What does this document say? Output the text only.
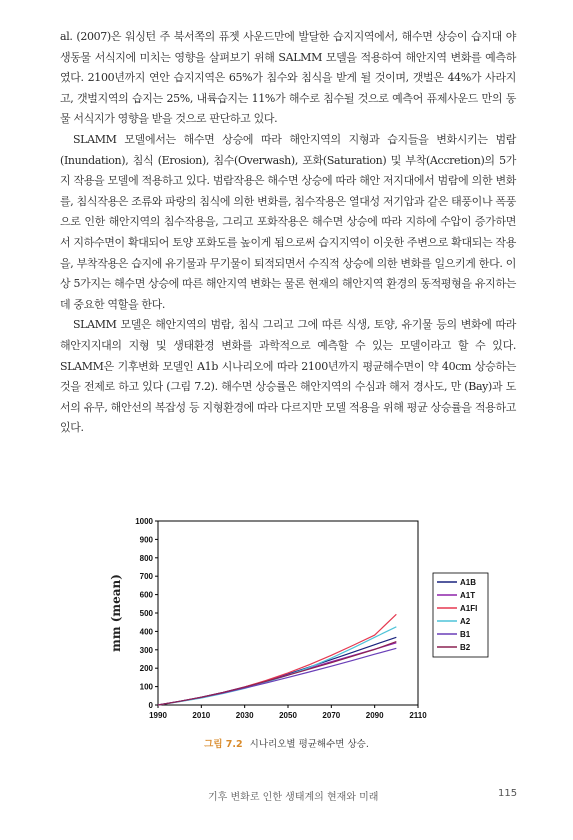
al. (2007)은 워싱턴 주 북서쪽의 퓨젯 사운드만에 발달한 습지지역에서, 해수면 상승이 습지대 야생동물 서식지에 미치는 영향을 살펴보기 위해 SALMM 모델을 적용하여 해안지역 변화를 예측하였다. 2100년까지 연안 습지지역은 65%가 침수와 침식을 받게 될 것이며, 갯벌은 44%가 사라지고, 갯벌지역의 습지는 25%, 내륙습지는 11%가 해수로 침수될 것으로 예측어 퓨제사운드 만의 동물 서식지가 영향을 받을 것으로 판단하고 있다.

SLAMM 모델에서는 해수면 상승에 따라 해안지역의 지형과 습지들을 변화시키는 범람(Inundation), 침식 (Erosion), 침수(Overwash), 포화(Saturation) 및 부착(Accretion)의 5가지 작용을 모델에 적용하고 있다. 범람작용은 해수면 상승에 따라 해안 저지대에서 범람에 의한 변화를, 침식작용은 조류와 파랑의 침식에 의한 변화를, 침수작용은 열대성 저기압과 같은 태풍이나 폭풍으로 인한 해안지역의 침수작용을, 그리고 포화작용은 해수면 상승에 따라 지하에 수압이 증가하면서 지하수면이 확대되어 토양 포화도를 높이게 됨으로써 습지지역이 이웃한 주변으로 확대되는 작용을, 부착작용은 습지에 유기물과 무기물이 퇴적되면서 수직적 상승에 의한 변화를 일으키게 한다. 이상 5가지는 해수면 상승에 따른 해안지역 변화는 물론 현재의 해안지역 환경의 동적평형을 유지하는데 중요한 역할을 한다.

SLAMM 모델은 해안지역의 범람, 침식 그리고 그에 따른 식생, 토양, 유기물 등의 변화에 따라 해안지지대의 지형 및 생태환경 변화를 과학적으로 예측할 수 있는 모델이라고 할 수 있다. SLAMM은 기후변화 모델인 A1b 시나리오에 따라 2100년까지 평균해수면이 약 40cm 상승하는 것을 전제로 하고 있다 (그림 7.2). 해수면 상승률은 해안지역의 수심과 해저 경사도, 만 (Bay)과 도서의 유무, 해안선의 복잡성 등 지형환경에 따라 다르지만 모델 적용을 위해 평균 상승률을 적용하고 있다.

0
100
200
300
400
500
600
700
800
900
1000
1990	2010	2030	2050	2070	2090	2110
mm (mean)	A1B
A1T
A1FI
A2
B1
B2
그림 7.2 시나리오별 평균해수면 상승.
기후 변화로 인한 생태계의 현재와 미래	115
